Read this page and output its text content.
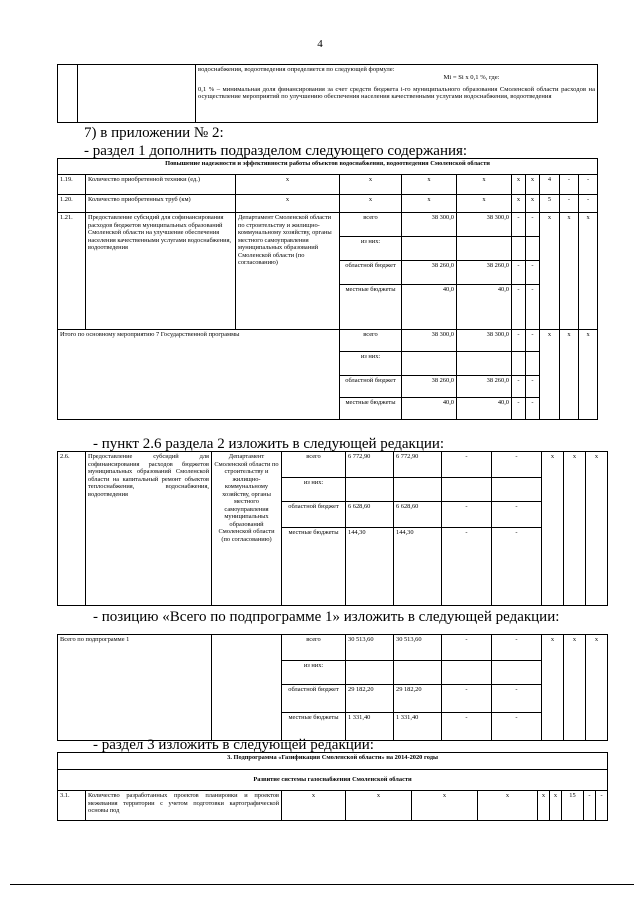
4

водоснабжения, водоотведения определяется по следующей формуле:
Mi = Si x 0,1 %, где:
0,1 % – минимальная доля финансирования за счет средств бюджета i-го муниципального образования Смоленской области расходов на осуществление мероприятий по улучшению обеспечения населения качественными услугами водоснабжения, водоотведения
7) в приложении № 2:
- раздел 1 дополнить подразделом следующего содержания:
Повышение надежности и эффективности работы объектов водоснабжения, водоотведения Смоленской области										
1.19.	Количество приобретенной техники (ед.)	x	x	x	x	x	x	4	-	-
1.20.	Количество приобретенных труб (км)	x	x	x	x	x	x	5	-	-
1.21.	Предоставление субсидий для софинансирования расходов бюджетов муниципальных образований Смоленской области на улучшение обеспечения населения качественными услугами водоснабжения, водоотведения	Департамент Смоленской области по строительству и жилищно-коммунальному хозяйству, органы местного самоуправления муниципальных образований Смоленской области (по согласованию)	всего	38 300,0	38 300,0	-	-	x	x	x
			из них:							
			областной бюджет	38 260,0	38 260,0	-	-			
			местные бюджеты	40,0	40,0	-	-			
Итого по основному мероприятию 7 Государственной программы			всего	38 300,0	38 300,0	-	-	x	x	x
			из них:							
			областной бюджет	38 260,0	38 260,0	-	-			
			местные бюджеты	40,0	40,0	-	-			
- пункт 2.6 раздела 2 изложить в следующей редакции:
2.6.	Предоставление субсидий для софинансирования расходов бюджетов муниципальных образований Смоленской области на капитальный ремонт объектов теплоснабжения, водоснабжения, водоотведения	Департамент Смоленской области по строительству и жилищно-коммунальному хозяйству, органы местного самоуправления муниципальных образований Смоленской области (по согласованию)	всего	6 772,90	6 772,90	-	-	x	x	x
			из них:							
			областной бюджет	6 628,60	6 628,60	-	-			
			местные бюджеты	144,30	144,30	-	-			
- позицию «Всего по подпрограмме 1» изложить в следующей редакции:
Всего по подпрограмме 1		всего	30 513,60	30 513,60	-	-	x	x	x
		из них:							
		областной бюджет	29 182,20	29 182,20	-	-			
		местные бюджеты	1 331,40	1 331,40	-	-			
- раздел 3 изложить в следующей редакции:
3. Подпрограмма «Газификация Смоленской области» на 2014-2020 годы
Развитие системы газоснабжения Смоленской области
3.1.	Количество разработанных проектов планировки и проектов межевания территории с учетом подготовки картографической основы под	x	x	x	x	x	x	15	-	-
